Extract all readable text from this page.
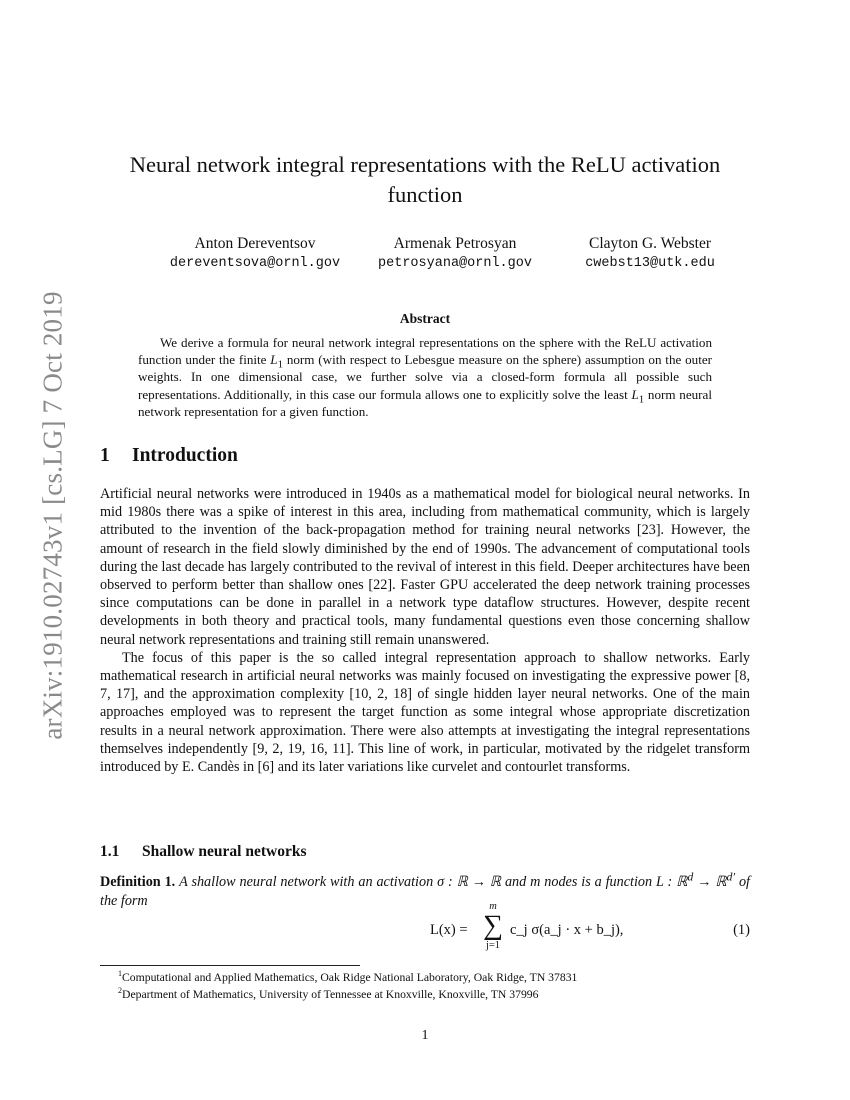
arXiv:1910.02743v1 [cs.LG] 7 Oct 2019
Neural network integral representations with the ReLU activation function
Anton Dereventsov
dereventsova@ornl.gov
Armenak Petrosyan
petrosyana@ornl.gov
Clayton G. Webster
cwebst13@utk.edu
Abstract
We derive a formula for neural network integral representations on the sphere with the ReLU activation function under the finite $L_1$ norm (with respect to Lebesgue measure on the sphere) assumption on the outer weights. In one dimensional case, we further solve via a closed-form formula all possible such representations. Additionally, in this case our formula allows one to explicitly solve the least $L_1$ norm neural network representation for a given function.
1 Introduction

Artificial neural networks were introduced in 1940s as a mathematical model for biological neural networks. In mid 1980s there was a spike of interest in this area, including from mathematical community, which is largely attributed to the invention of the back-propagation method for training neural networks [23]. However, the amount of research in the field slowly diminished by the end of 1990s. The advancement of computational tools during the last decade has largely contributed to the revival of interest in this field. Deeper architectures have been observed to perform better than shallow ones [22]. Faster GPU accelerated the deep network training processes since computations can be done in parallel in a network type dataflow structures. However, despite recent developments in both theory and practical tools, many fundamental questions even those concerning shallow neural network representations and training still remain unanswered.

The focus of this paper is the so called integral representation approach to shallow networks. Early mathematical research in artificial neural networks was mainly focused on investigating the expressive power [8, 7, 17], and the approximation complexity [10, 2, 18] of single hidden layer neural networks. One of the main approaches employed was to represent the target function as some integral whose appropriate discretization results in a neural network approximation. There were also attempts at investigating the integral representations themselves independently [9, 2, 19, 16, 11]. This line of work, in particular, motivated by the ridgelet transform introduced by E. Candès in [6] and its later variations like curvelet and contourlet transforms.

1.1 Shallow neural networks
Definition 1. A shallow neural network with an activation σ : ℝ → ℝ and m nodes is a function L : ℝ$^d$ → ℝ$^{d'}$ of the form
L(x) =
m
∑
j=1
c_j σ(a_j · x + b_j),	(1)
$^1$Computational and Applied Mathematics, Oak Ridge National Laboratory, Oak Ridge, TN 37831
$^2$Department of Mathematics, University of Tennessee at Knoxville, Knoxville, TN 37996
1
